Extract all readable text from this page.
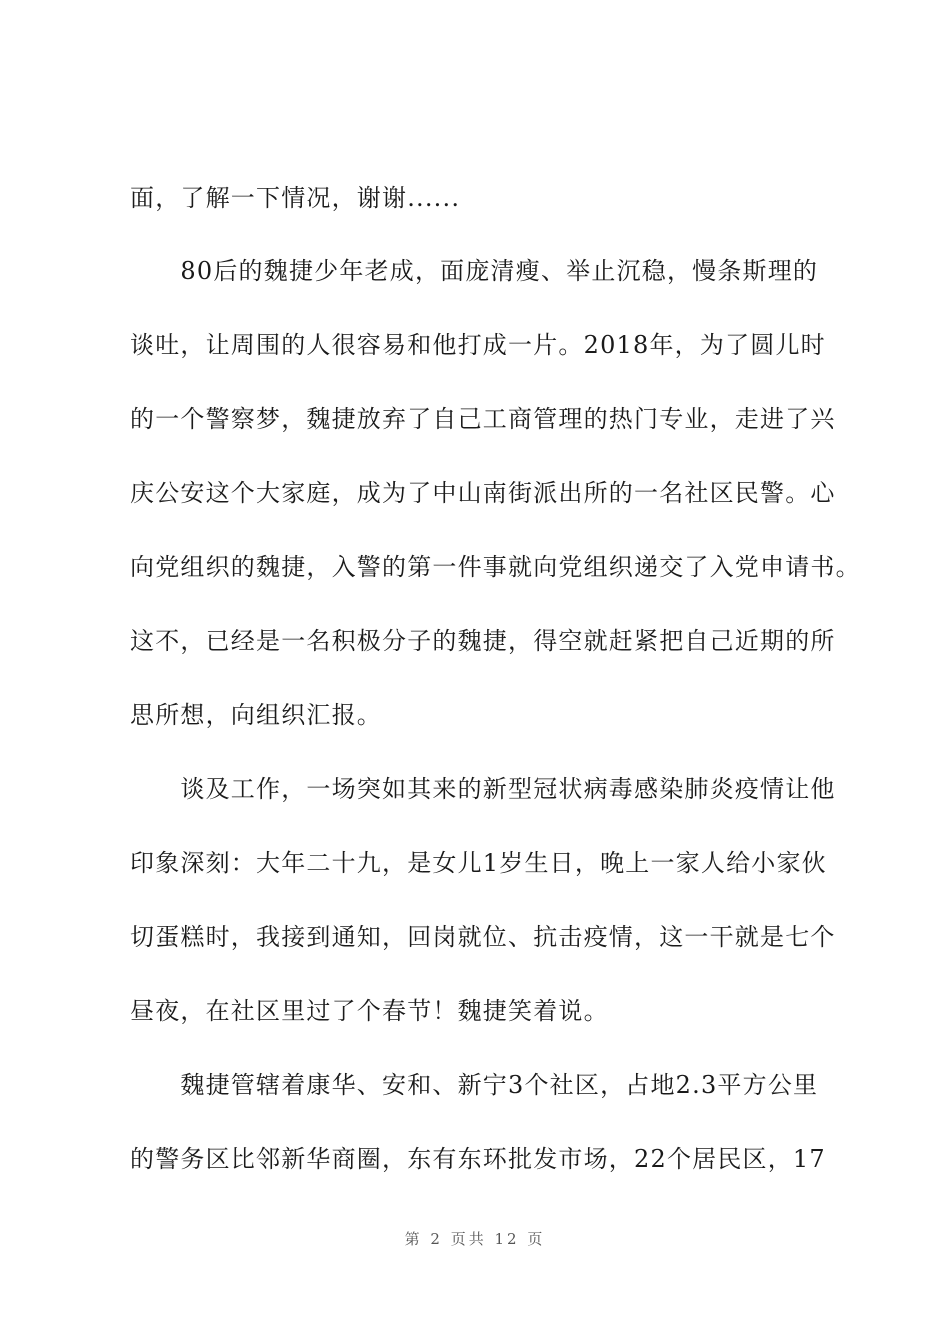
面，了解一下情况，谢谢......
　　80后的魏捷少年老成，面庞清瘦、举止沉稳，慢条斯理的
谈吐，让周围的人很容易和他打成一片。2018年，为了圆儿时
的一个警察梦，魏捷放弃了自己工商管理的热门专业，走进了兴
庆公安这个大家庭，成为了中山南街派出所的一名社区民警。心
向党组织的魏捷，入警的第一件事就向党组织递交了入党申请书。
这不，已经是一名积极分子的魏捷，得空就赶紧把自己近期的所
思所想，向组织汇报。
　　谈及工作，一场突如其来的新型冠状病毒感染肺炎疫情让他
印象深刻：大年二十九，是女儿1岁生日，晚上一家人给小家伙
切蛋糕时，我接到通知，回岗就位、抗击疫情，这一干就是七个
昼夜，在社区里过了个春节！魏捷笑着说。
　　魏捷管辖着康华、安和、新宁3个社区，占地2.3平方公里
的警务区比邻新华商圈，东有东环批发市场，22个居民区，17
第 2 页共 12 页
